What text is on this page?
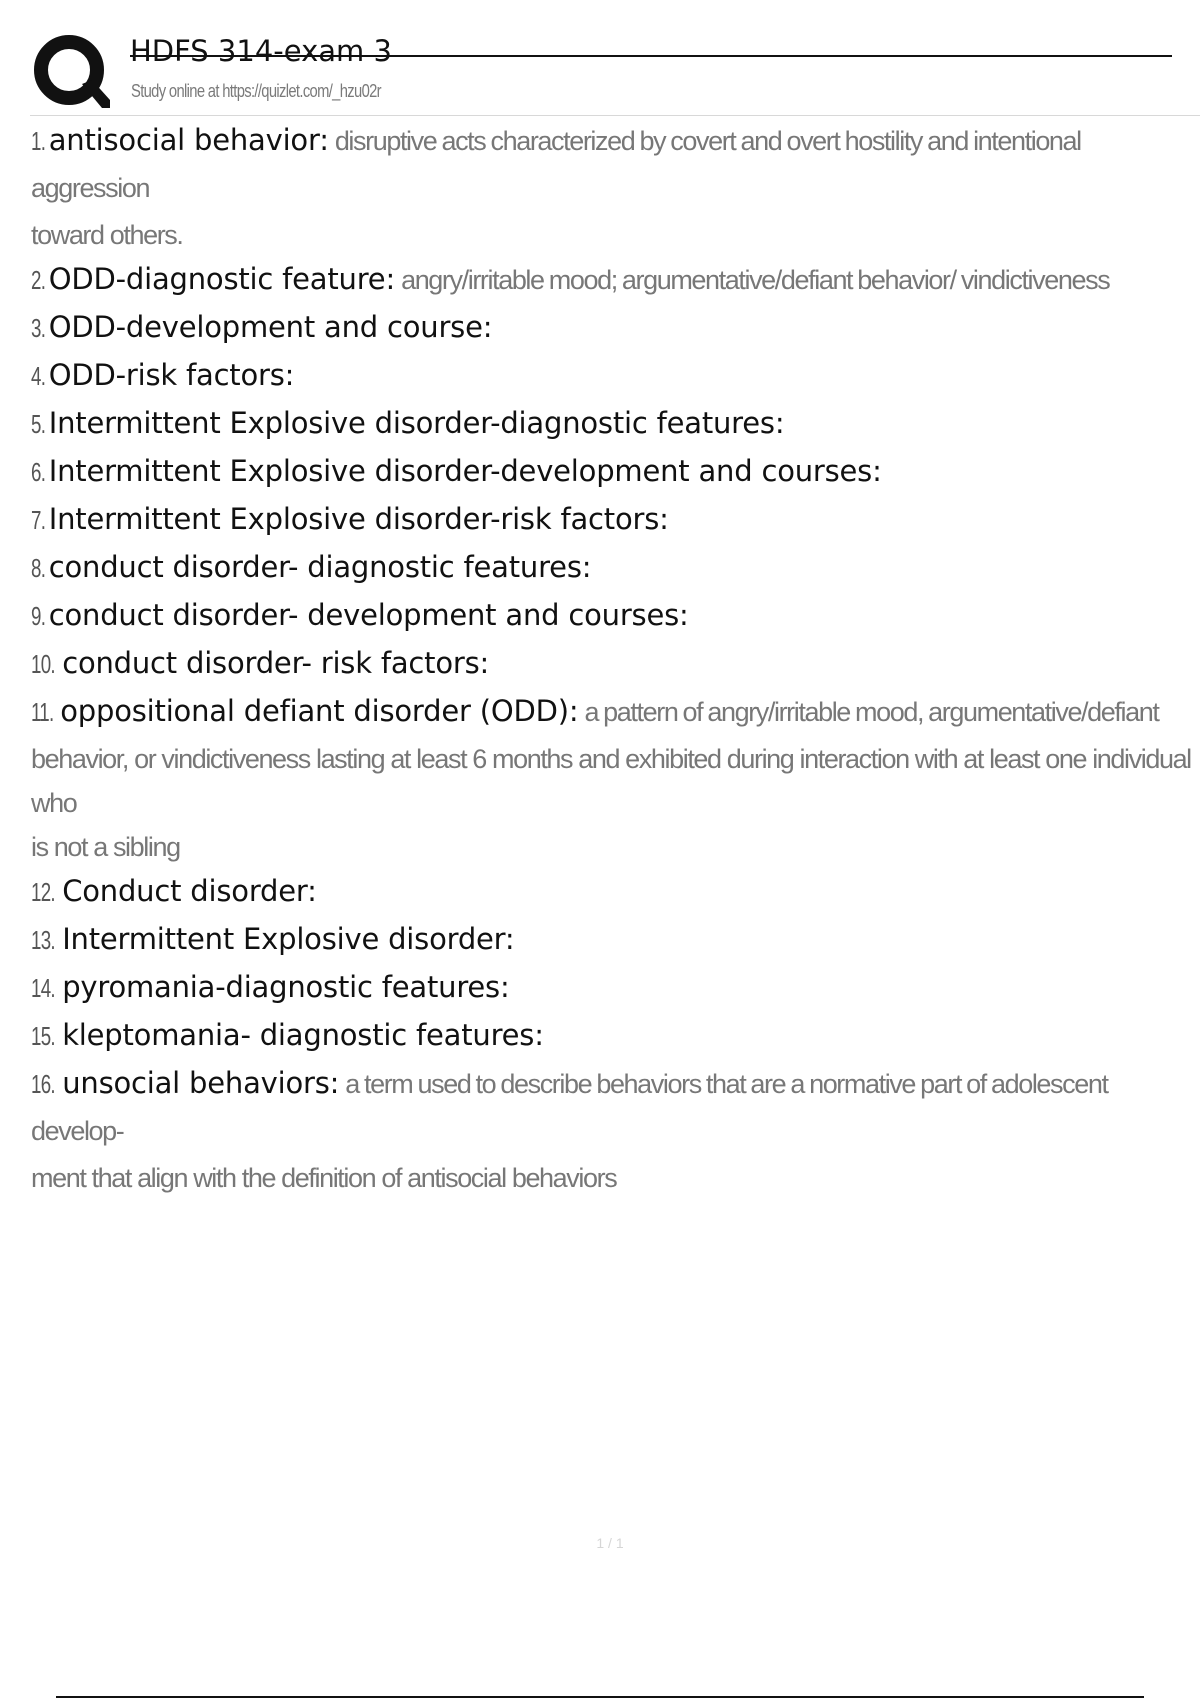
HDFS 314-exam 3
Study online at https://quizlet.com/_hzu02r
1. antisocial behavior: disruptive acts characterized by covert and overt hostility and intentional aggression
toward others.
2. ODD-diagnostic feature: angry/irritable mood; argumentative/defiant behavior/ vindictiveness
3. ODD-development and course:
4. ODD-risk factors:
5. Intermittent Explosive disorder-diagnostic features:
6. Intermittent Explosive disorder-development and courses:
7. Intermittent Explosive disorder-risk factors:
8. conduct disorder- diagnostic features:
9. conduct disorder- development and courses:
10. conduct disorder- risk factors:
11. oppositional defiant disorder (ODD): a pattern of angry/irritable mood, argumentative/defiant
behavior, or vindictiveness lasting at least 6 months and exhibited during interaction with at least one individual who
is not a sibling
12. Conduct disorder:
13. Intermittent Explosive disorder:
14. pyromania-diagnostic features:
15. kleptomania- diagnostic features:
16. unsocial behaviors: a term used to describe behaviors that are a normative part of adolescent develop-
ment that align with the definition of antisocial behaviors
1 / 1
